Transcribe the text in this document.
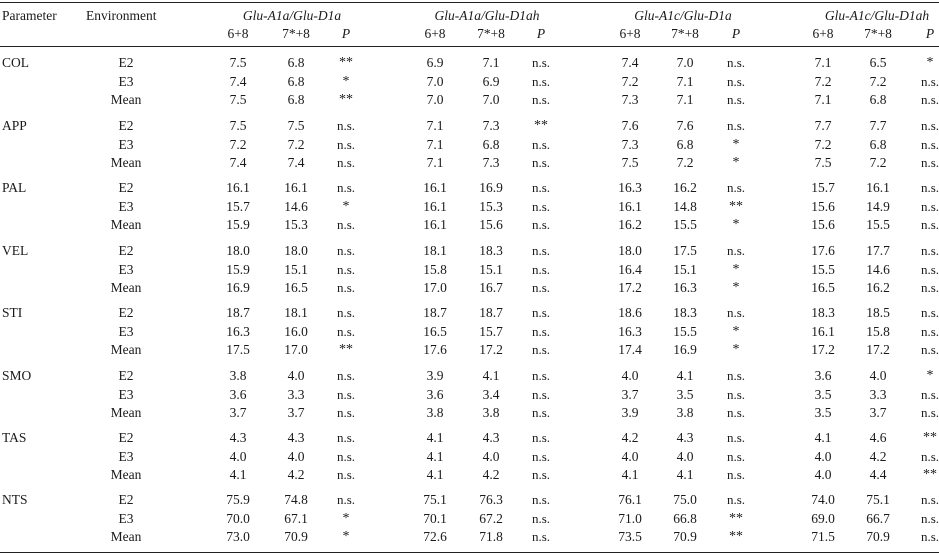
Parameter Environment	Glu-A1a/Glu-D1a
6+8	7*+8	P
Glu-A1a/Glu-D1ah
6+8	7*+8	P
Glu-A1c/Glu-D1a
6+8	7*+8	P
Glu-A1c/Glu-D1ah
6+8	7*+8	P
COL	E2	7.5	6.8	**	6.9	7.1	n.s.	7.4	7.0	n.s.	7.1	6.5	*
E3	7.4	6.8	*	7.0	6.9	n.s.	7.2	7.1	n.s.	7.2	7.2	n.s.
Mean	7.5	6.8	**	7.0	7.0	n.s.	7.3	7.1	n.s.	7.1	6.8	n.s.
APP	E2	7.5	7.5	n.s.	7.1	7.3	**	7.6	7.6	n.s.	7.7	7.7	n.s.
E3	7.2	7.2	n.s.	7.1	6.8	n.s.	7.3	6.8	*	7.2	6.8	n.s.
Mean	7.4	7.4	n.s.	7.1	7.3	n.s.	7.5	7.2	*	7.5	7.2	n.s.
PAL	E2	16.1	16.1	n.s.	16.1	16.9	n.s.	16.3	16.2	n.s.	15.7	16.1	n.s.
E3	15.7	14.6	*	16.1	15.3	n.s.	16.1	14.8	**	15.6	14.9	n.s.
Mean	15.9	15.3	n.s.	16.1	15.6	n.s.	16.2	15.5	*	15.6	15.5	n.s.
VEL	E2	18.0	18.0	n.s.	18.1	18.3	n.s.	18.0	17.5	n.s.	17.6	17.7	n.s.
E3	15.9	15.1	n.s.	15.8	15.1	n.s.	16.4	15.1	*	15.5	14.6	n.s.
Mean	16.9	16.5	n.s.	17.0	16.7	n.s.	17.2	16.3	*	16.5	16.2	n.s.
STI	E2	18.7	18.1	n.s.	18.7	18.7	n.s.	18.6	18.3	n.s.	18.3	18.5	n.s.
E3	16.3	16.0	n.s.	16.5	15.7	n.s.	16.3	15.5	*	16.1	15.8	n.s.
Mean	17.5	17.0	**	17.6	17.2	n.s.	17.4	16.9	*	17.2	17.2	n.s.
SMO	E2	3.8	4.0	n.s.	3.9	4.1	n.s.	4.0	4.1	n.s.	3.6	4.0	*
E3	3.6	3.3	n.s.	3.6	3.4	n.s.	3.7	3.5	n.s.	3.5	3.3	n.s.
Mean	3.7	3.7	n.s.	3.8	3.8	n.s.	3.9	3.8	n.s.	3.5	3.7	n.s.
TAS	E2	4.3	4.3	n.s.	4.1	4.3	n.s.	4.2	4.3	n.s.	4.1	4.6	**
E3	4.0	4.0	n.s.	4.1	4.0	n.s.	4.0	4.0	n.s.	4.0	4.2	n.s.
Mean	4.1	4.2	n.s.	4.1	4.2	n.s.	4.1	4.1	n.s.	4.0	4.4	**
NTS	E2	75.9	74.8	n.s.	75.1	76.3	n.s.	76.1	75.0	n.s.	74.0	75.1	n.s.
E3	70.0	67.1	*	70.1	67.2	n.s.	71.0	66.8	**	69.0	66.7	n.s.
Mean	73.0	70.9	*	72.6	71.8	n.s.	73.5	70.9	**	71.5	70.9	n.s.
